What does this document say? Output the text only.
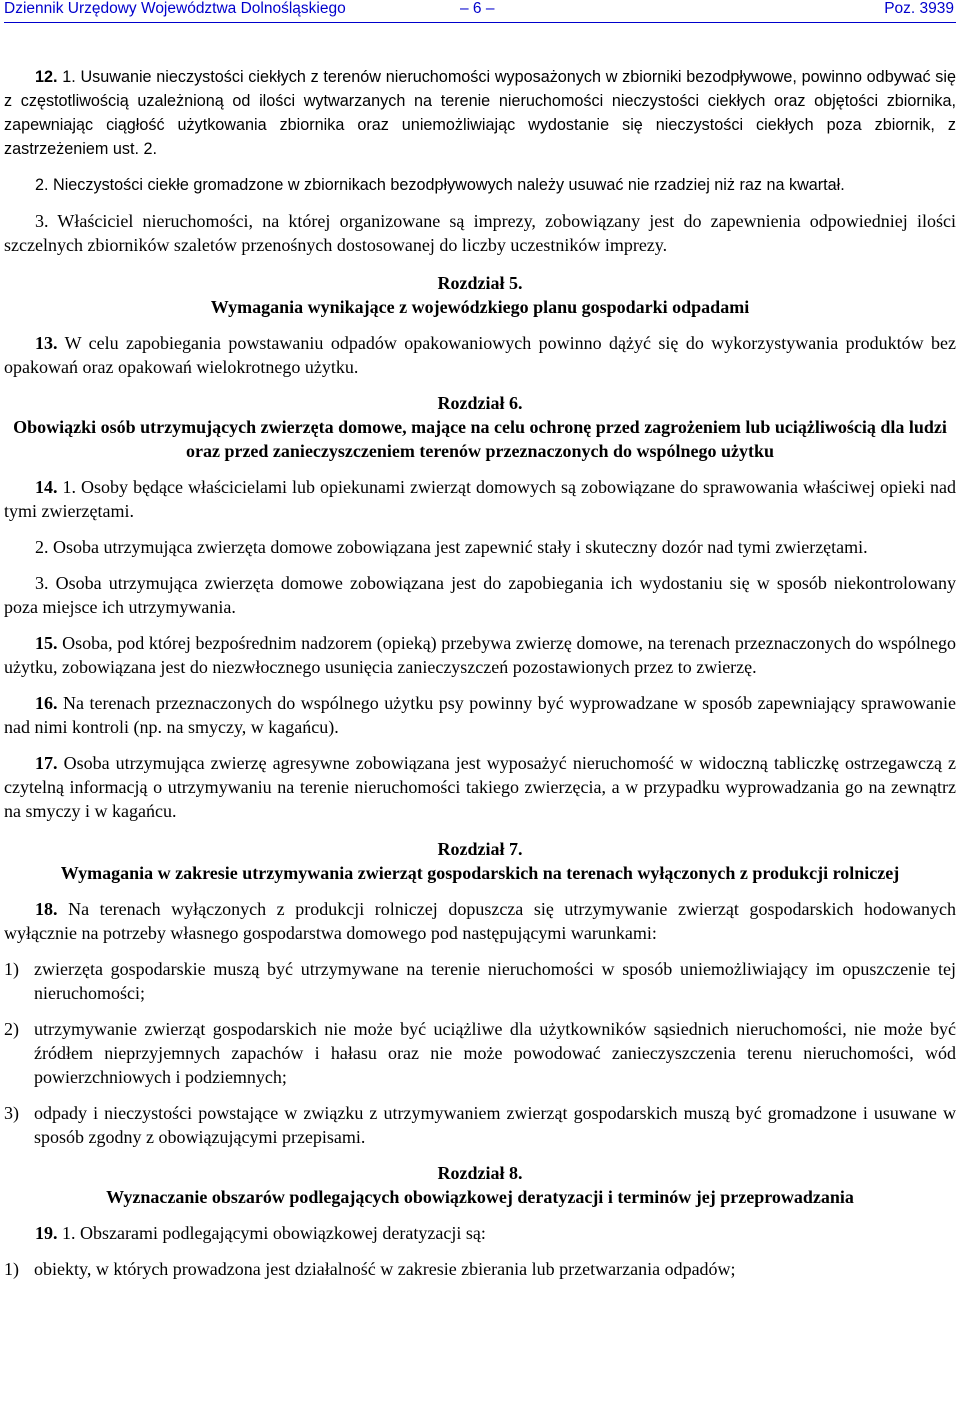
Dziennik Urzędowy Województwa Dolnośląskiego	– 6 –	Poz. 3939

12. 1. Usuwanie nieczystości ciekłych z terenów nieruchomości wyposażonych w zbiorniki bezodpływowe, powinno odbywać się z częstotliwością uzależnioną od ilości wytwarzanych na terenie nieruchomości nieczystości ciekłych oraz objętości zbiornika, zapewniając ciągłość użytkowania zbiornika oraz uniemożliwiając wydostanie się nieczystości ciekłych poza zbiornik, z zastrzeżeniem ust. 2.

2. Nieczystości ciekłe gromadzone w zbiornikach bezodpływowych należy usuwać nie rzadziej niż raz na kwartał.

3. Właściciel nieruchomości, na której organizowane są imprezy, zobowiązany jest do zapewnienia odpowiedniej ilości szczelnych zbiorników szaletów przenośnych dostosowanej do liczby uczestników imprezy.

Rozdział 5.

Wymagania wynikające z wojewódzkiego planu gospodarki odpadami

13. W celu zapobiegania powstawaniu odpadów opakowaniowych powinno dążyć się do wykorzystywania produktów bez opakowań oraz opakowań wielokrotnego użytku.

Rozdział 6.

Obowiązki osób utrzymujących zwierzęta domowe, mające na celu ochronę przed zagrożeniem lub uciążliwością dla ludzi oraz przed zanieczyszczeniem terenów przeznaczonych do wspólnego użytku

14. 1. Osoby będące właścicielami lub opiekunami zwierząt domowych są zobowiązane do sprawowania właściwej opieki nad tymi zwierzętami.

2. Osoba utrzymująca zwierzęta domowe zobowiązana jest zapewnić stały i skuteczny dozór nad tymi zwierzętami.

3. Osoba utrzymująca zwierzęta domowe zobowiązana jest do zapobiegania ich wydostaniu się w sposób niekontrolowany poza miejsce ich utrzymywania.

15. Osoba, pod której bezpośrednim nadzorem (opieką) przebywa zwierzę domowe, na terenach przeznaczonych do wspólnego użytku, zobowiązana jest do niezwłocznego usunięcia zanieczyszczeń pozostawionych przez to zwierzę.

16. Na terenach przeznaczonych do wspólnego użytku psy powinny być wyprowadzane w sposób zapewniający sprawowanie nad nimi kontroli (np. na smyczy, w kagańcu).

17. Osoba utrzymująca zwierzę agresywne zobowiązana jest wyposażyć nieruchomość w widoczną tabliczkę ostrzegawczą z czytelną informacją o utrzymywaniu na terenie nieruchomości takiego zwierzęcia, a w przypadku wyprowadzania go na zewnątrz na smyczy i w kagańcu.

Rozdział 7.

Wymagania w zakresie utrzymywania zwierząt gospodarskich na terenach wyłączonych z produkcji rolniczej

18. Na terenach wyłączonych z produkcji rolniczej dopuszcza się utrzymywanie zwierząt gospodarskich hodowanych wyłącznie na potrzeby własnego gospodarstwa domowego pod następującymi warunkami:

1) zwierzęta gospodarskie muszą być utrzymywane na terenie nieruchomości w sposób uniemożliwiający im opuszczenie tej nieruchomości;
2) utrzymywanie zwierząt gospodarskich nie może być uciążliwe dla użytkowników sąsiednich nieruchomości, nie może być źródłem nieprzyjemnych zapachów i hałasu oraz nie może powodować zanieczyszczenia terenu nieruchomości, wód powierzchniowych i podziemnych;
3) odpady i nieczystości powstające w związku z utrzymywaniem zwierząt gospodarskich muszą być gromadzone i usuwane w sposób zgodny z obowiązującymi przepisami.

Rozdział 8.

Wyznaczanie obszarów podlegających obowiązkowej deratyzacji i terminów jej przeprowadzania

19. 1. Obszarami podlegającymi obowiązkowej deratyzacji są:

1) obiekty, w których prowadzona jest działalność w zakresie zbierania lub przetwarzania odpadów;
